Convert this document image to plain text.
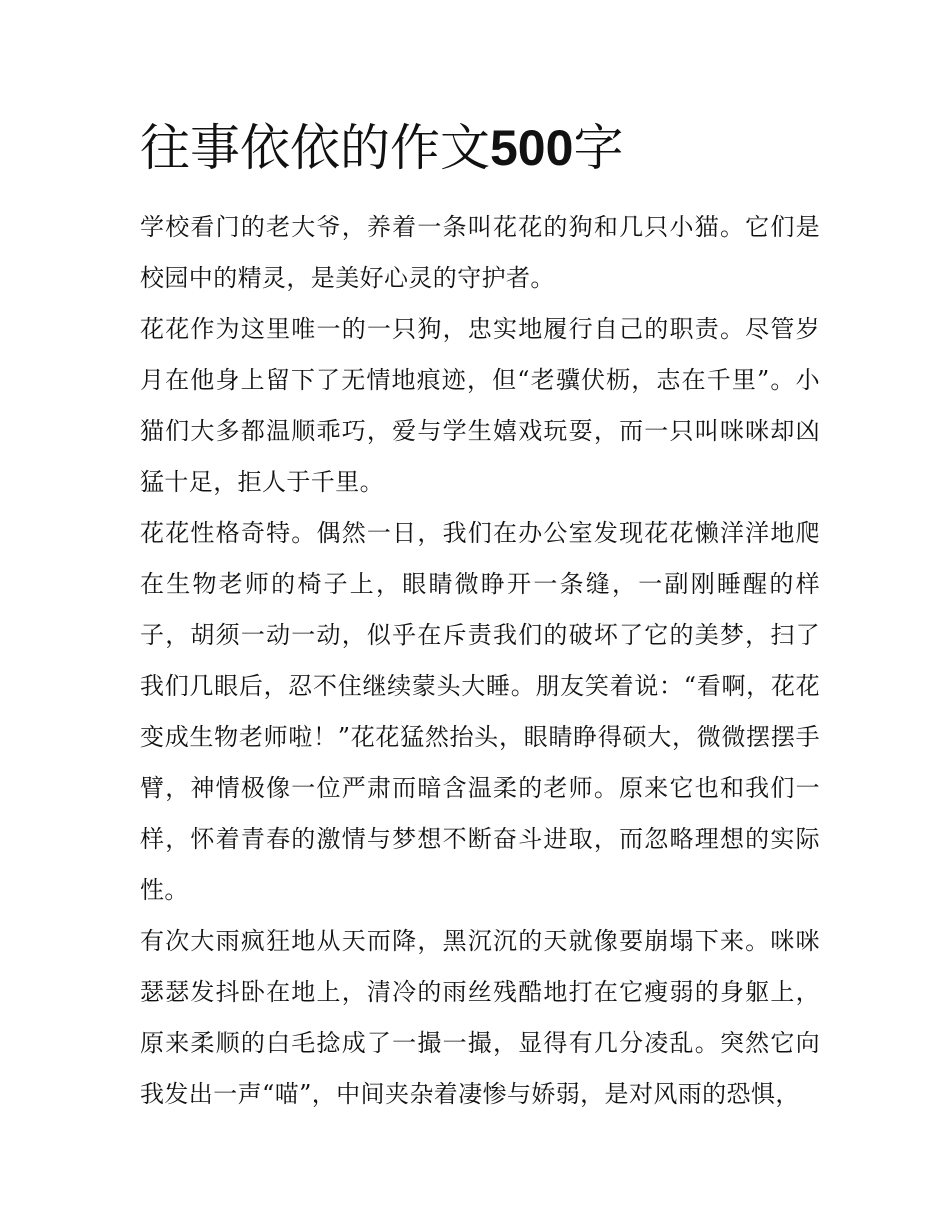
往事依依的作文500字

学校看门的老大爷，养着一条叫花花的狗和几只小猫。它们是校园中的精灵，是美好心灵的守护者。

花花作为这里唯一的一只狗，忠实地履行自己的职责。尽管岁月在他身上留下了无情地痕迹，但“老骥伏枥，志在千里”。小猫们大多都温顺乖巧，爱与学生嬉戏玩耍，而一只叫咪咪却凶猛十足，拒人于千里。

花花性格奇特。偶然一日，我们在办公室发现花花懒洋洋地爬在生物老师的椅子上，眼睛微睁开一条缝，一副刚睡醒的样子，胡须一动一动，似乎在斥责我们的破坏了它的美梦，扫了我们几眼后，忍不住继续蒙头大睡。朋友笑着说：“看啊，花花变成生物老师啦！”花花猛然抬头，眼睛睁得硕大，微微摆摆手臂，神情极像一位严肃而暗含温柔的老师。原来它也和我们一样，怀着青春的激情与梦想不断奋斗进取，而忽略理想的实际性。

有次大雨疯狂地从天而降，黑沉沉的天就像要崩塌下来。咪咪瑟瑟发抖卧在地上，清冷的雨丝残酷地打在它瘦弱的身躯上，原来柔顺的白毛捻成了一撮一撮，显得有几分凌乱。突然它向我发出一声“喵”，中间夹杂着凄惨与娇弱，是对风雨的恐惧，
